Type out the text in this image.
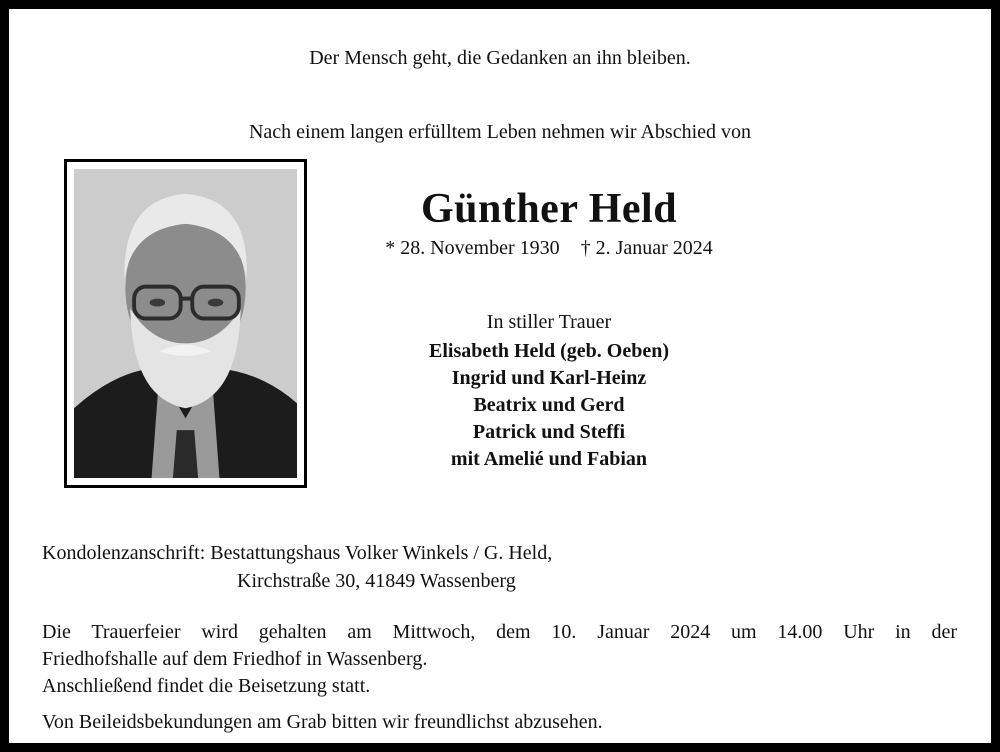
Der Mensch geht, die Gedanken an ihn bleiben.
Nach einem langen erfülltem Leben nehmen wir Abschied von
Günther Held
* 28. November 1930 † 2. Januar 2024
In stiller Trauer
Elisabeth Held (geb. Oeben)
Ingrid und Karl-Heinz
Beatrix und Gerd
Patrick und Steffi
mit Amelié und Fabian
Kondolenzanschrift: Bestattungshaus Volker Winkels / G. Held,
Kirchstraße 30, 41849 Wassenberg
Die Trauerfeier wird gehalten am Mittwoch, dem 10. Januar 2024 um 14.00 Uhr in der
Friedhofshalle auf dem Friedhof in Wassenberg.
Anschließend findet die Beisetzung statt.
Von Beileidsbekundungen am Grab bitten wir freundlichst abzusehen.
